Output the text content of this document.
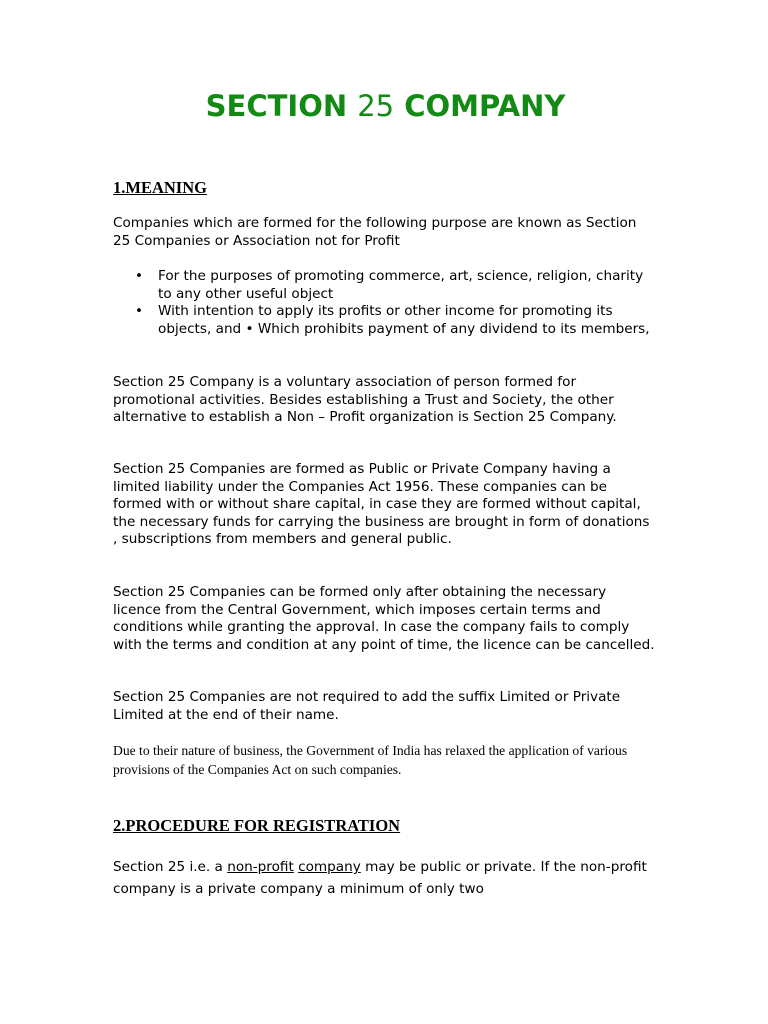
SECTION 25 COMPANY
1.MEANING

Companies which are formed for the following purpose are known as Section 25 Companies or Association not for Profit

• For the purposes of promoting commerce, art, science, religion, charity to any other useful object
• With intention to apply its profits or other income for promoting its objects, and • Which prohibits payment of any dividend to its members,

Section 25 Company is a voluntary association of person formed for promotional activities. Besides establishing a Trust and Society, the other alternative to establish a Non – Profit organization is Section 25 Company.

Section 25 Companies are formed as Public or Private Company having a limited liability under the Companies Act 1956. These companies can be formed with or without share capital, in case they are formed without capital, the necessary funds for carrying the business are brought in form of donations , subscriptions from members and general public.

Section 25 Companies can be formed only after obtaining the necessary licence from the Central Government, which imposes certain terms and conditions while granting the approval. In case the company fails to comply with the terms and condition at any point of time, the licence can be cancelled.

Section 25 Companies are not required to add the suffix Limited or Private Limited at the end of their name.

Due to their nature of business, the Government of India has relaxed the application of various provisions of the Companies Act on such companies.

2.PROCEDURE FOR REGISTRATION

Section 25 i.e. a non-profit company may be public or private. If the non-profit company is a private company a minimum of only two
